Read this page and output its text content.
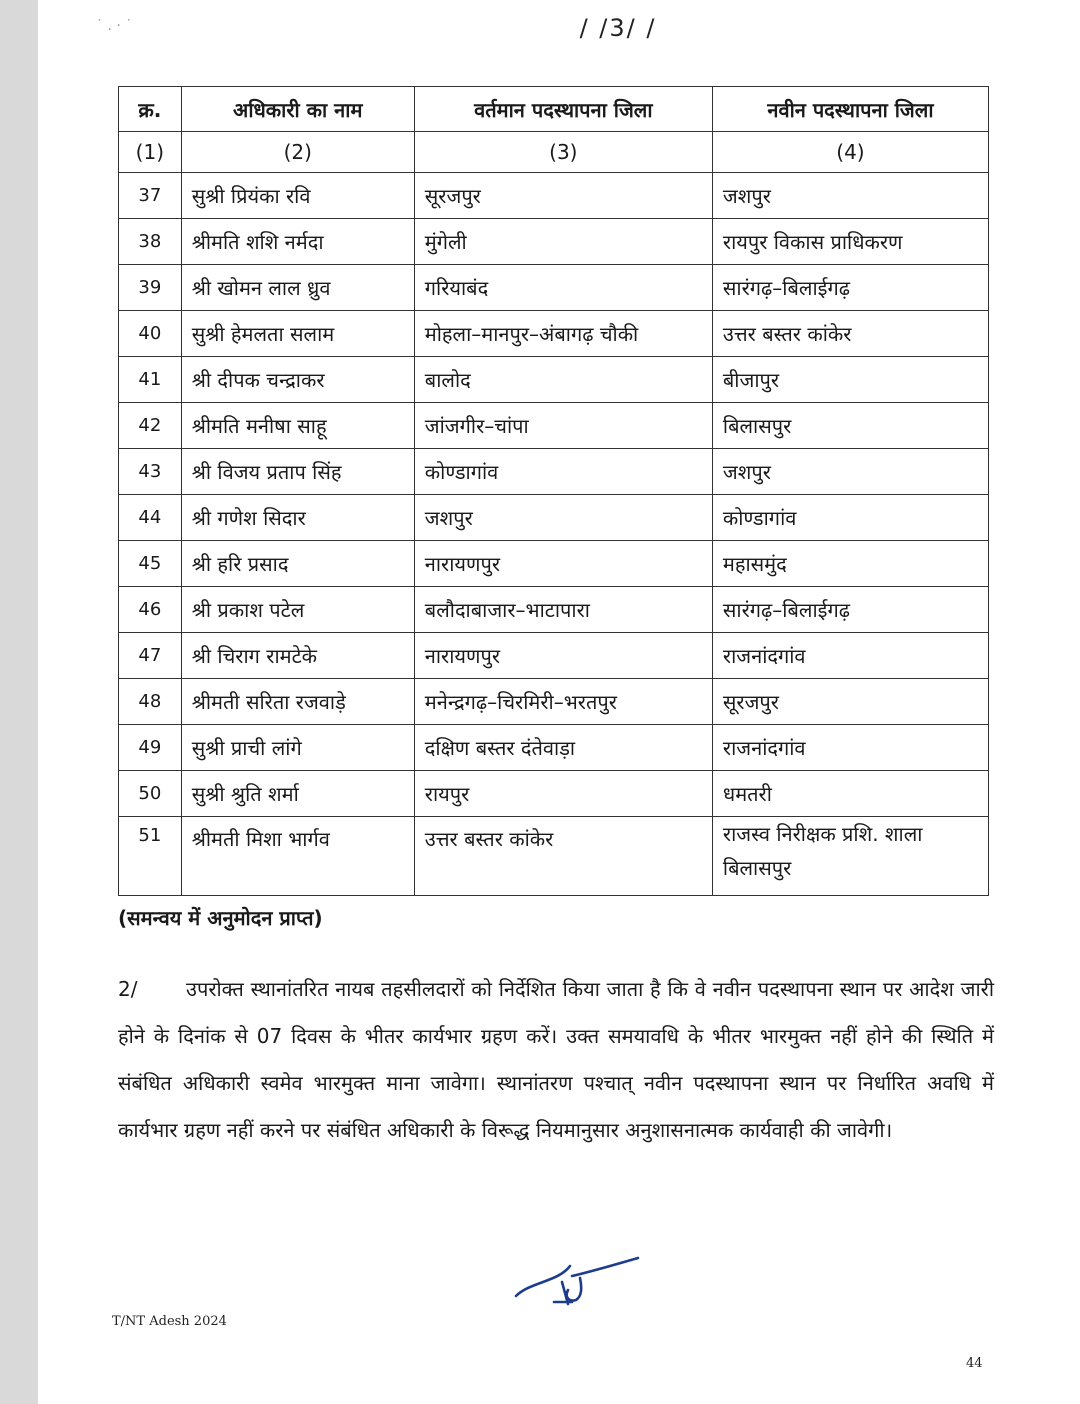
˙ . · ˙	/ /3/ /
क्र.	अधिकारी का नाम	वर्तमान पदस्थापना जिला	नवीन पदस्थापना जिला
(1)	(2)	(3)	(4)
37	सुश्री प्रियंका रवि	सूरजपुर	जशपुर
38	श्रीमति शशि नर्मदा	मुंगेली	रायपुर विकास प्राधिकरण
39	श्री खोमन लाल ध्रुव	गरियाबंद	सारंगढ़–बिलाईगढ़
40	सुश्री हेमलता सलाम	मोहला–मानपुर–अंबागढ़ चौकी	उत्तर बस्तर कांकेर
41	श्री दीपक चन्द्राकर	बालोद	बीजापुर
42	श्रीमति मनीषा साहू	जांजगीर–चांपा	बिलासपुर
43	श्री विजय प्रताप सिंह	कोण्डागांव	जशपुर
44	श्री गणेश सिदार	जशपुर	कोण्डागांव
45	श्री हरि प्रसाद	नारायणपुर	महासमुंद
46	श्री प्रकाश पटेल	बलौदाबाजार–भाटापारा	सारंगढ़–बिलाईगढ़
47	श्री चिराग रामटेके	नारायणपुर	राजनांदगांव
48	श्रीमती सरिता रजवाड़े	मनेन्द्रगढ़–चिरमिरी–भरतपुर	सूरजपुर
49	सुश्री प्राची लांगे	दक्षिण बस्तर दंतेवाड़ा	राजनांदगांव
50	सुश्री श्रुति शर्मा	रायपुर	धमतरी
51	श्रीमती मिशा भार्गव	उत्तर बस्तर कांकेर	राजस्व निरीक्षक प्रशि. शाला बिलासपुर
(समन्वय में अनुमोदन प्राप्त)
2/ उपरोक्त स्थानांतरित नायब तहसीलदारों को निर्देशित किया जाता है कि वे नवीन पदस्थापना स्थान पर आदेश जारी होने के दिनांक से 07 दिवस के भीतर कार्यभार ग्रहण करें। उक्त समयावधि के भीतर भारमुक्त नहीं होने की स्थिति में संबंधित अधिकारी स्वमेव भारमुक्त माना जावेगा। स्थानांतरण पश्चात् नवीन पदस्थापना स्थान पर निर्धारित अवधि में कार्यभार ग्रहण नहीं करने पर संबंधित अधिकारी के विरूद्ध नियमानुसार अनुशासनात्मक कार्यवाही की जावेगी।
T/NT Adesh 2024
44
